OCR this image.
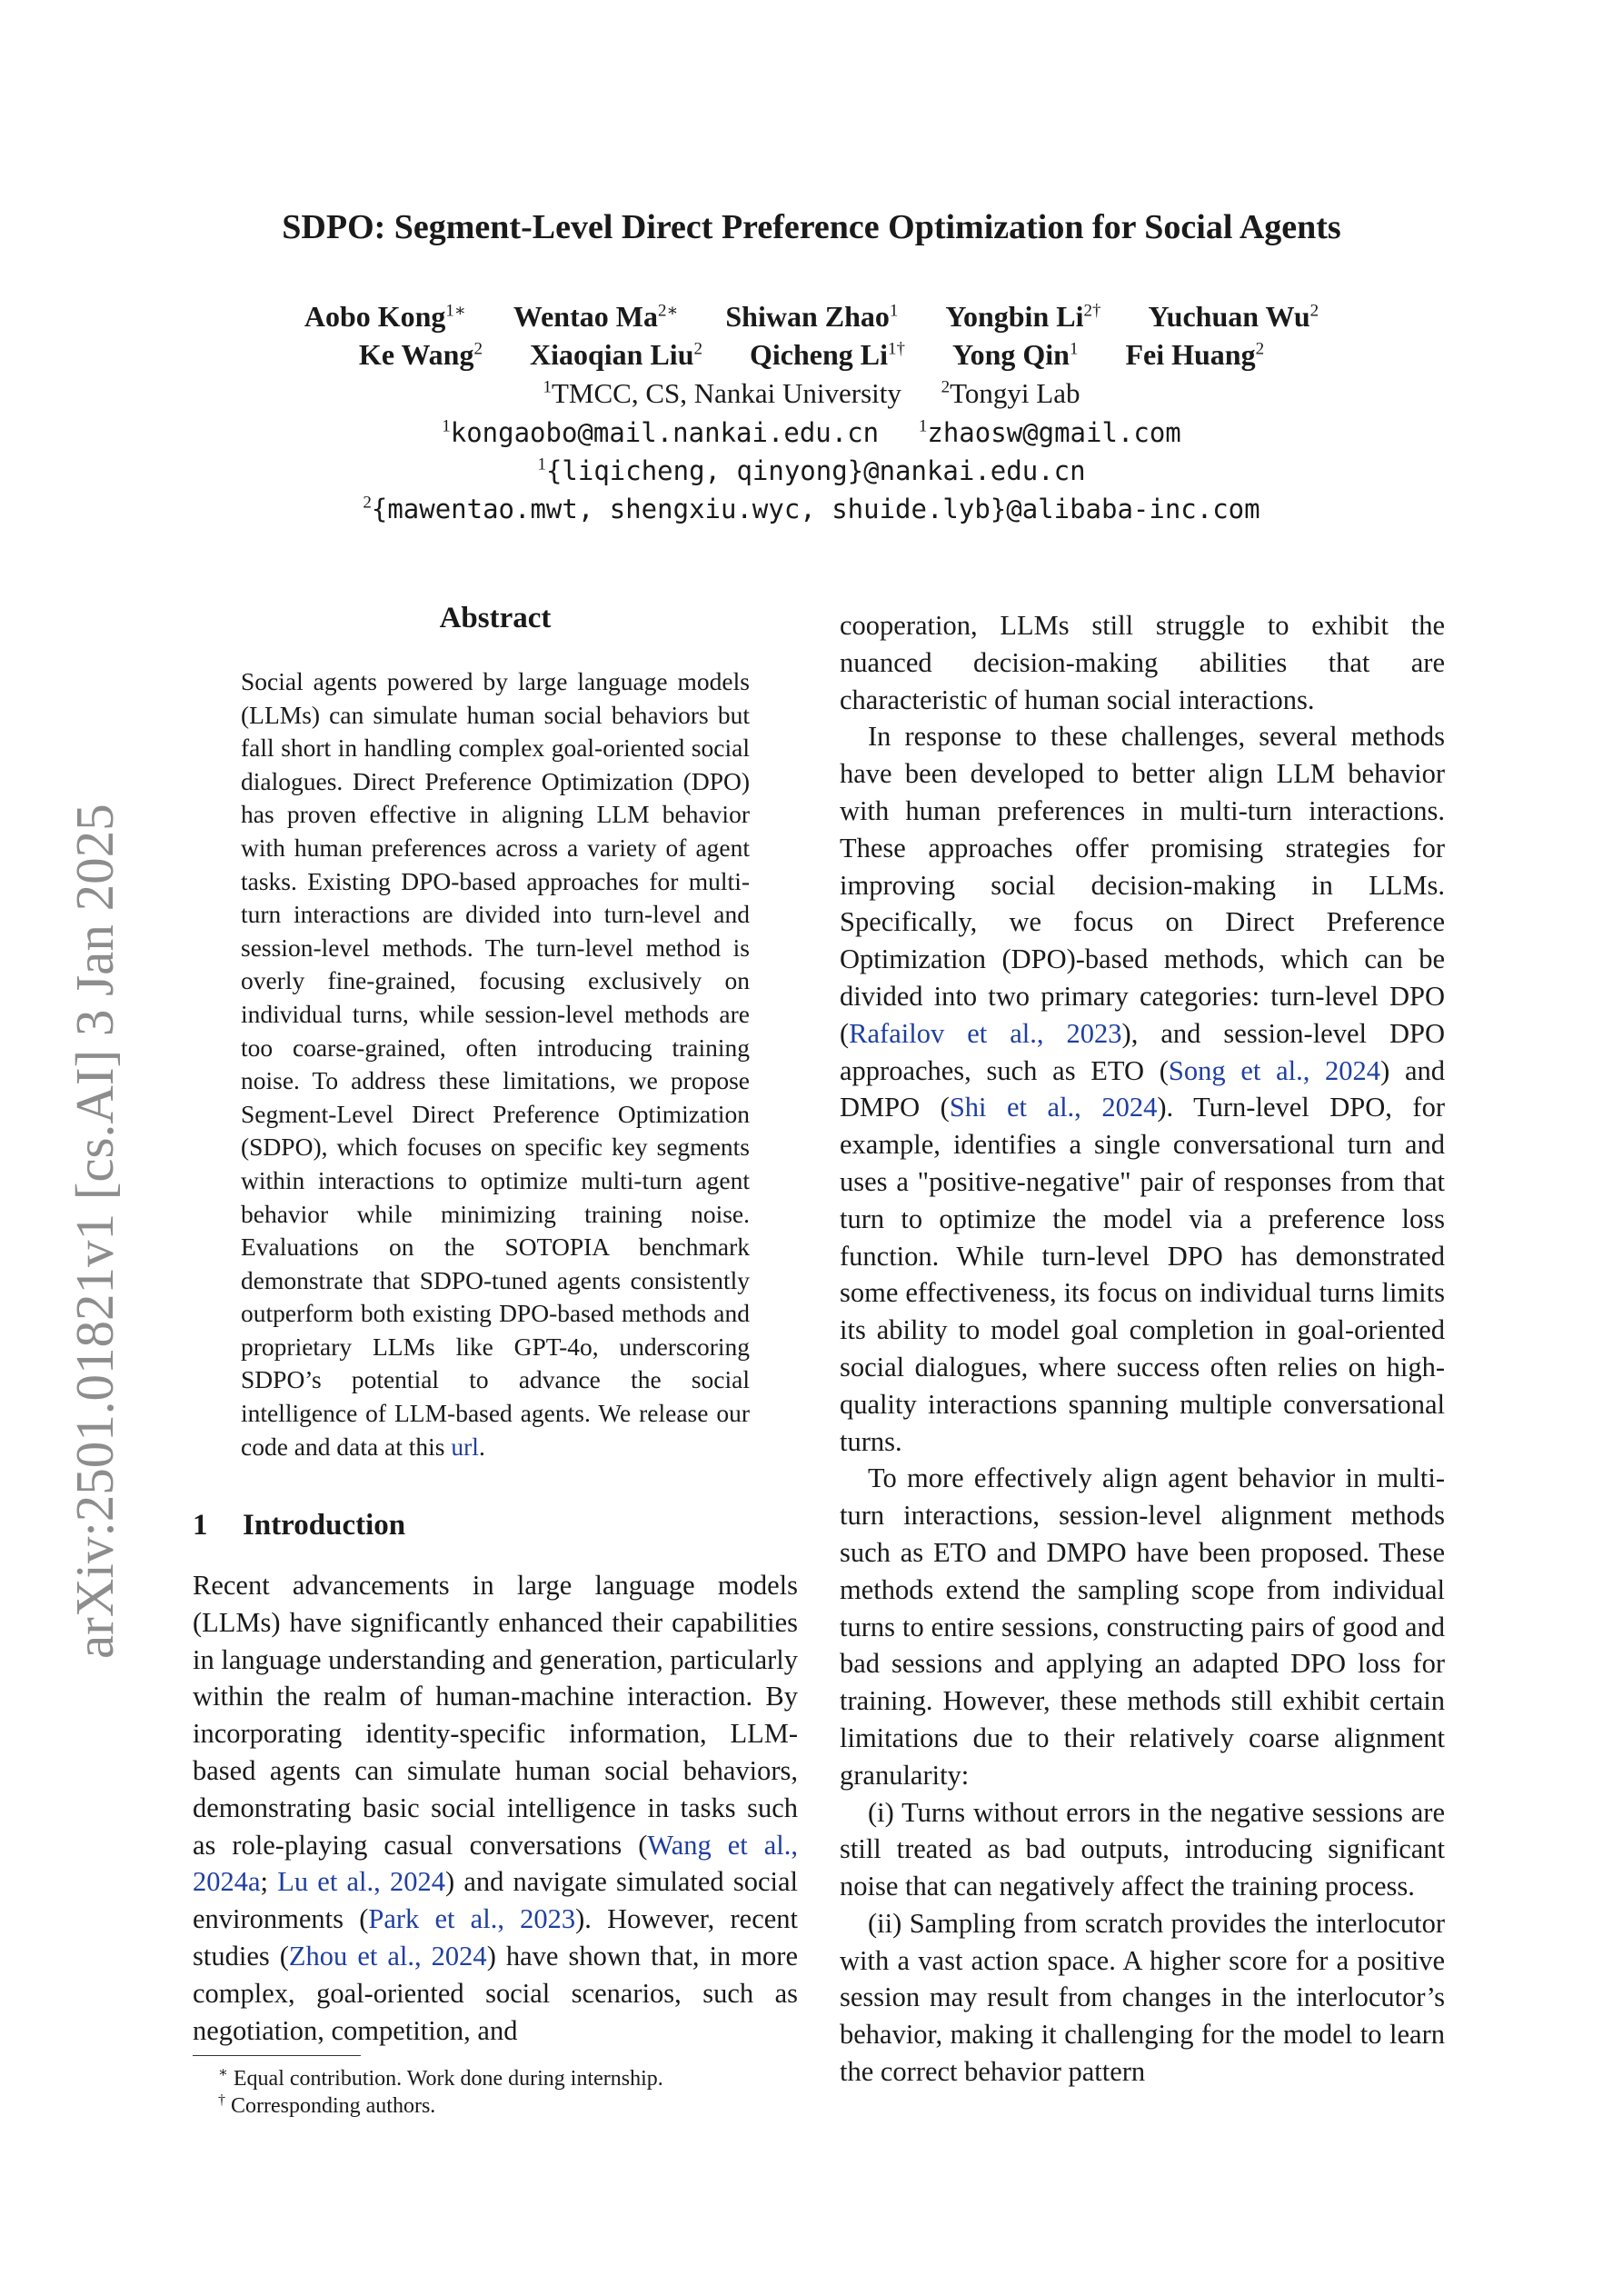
SDPO: Segment-Level Direct Preference Optimization for Social Agents
Aobo Kong$^{1∗}$ Wentao $Ma^{2∗}$ Shiwan Zhao$^1$ Yongbin $Li^{2\dagger}$ Yuchuan Wu$^2$
Ke Wang$^2$ Xiaoqian Liu$^2$ Qicheng $Li^{1\dagger}$ Yong Qin$^1$ Fei Huang$^2$
$^1$TMCC, CS, Nankai University $^2$Tongyi Lab
$^1$kongaobo@mail.nankai.edu.cn $^1$zhaosw@gmail.com
$^1${liqicheng, qinyong}@nankai.edu.cn
$^2${mawentao.mwt, shengxiu.wyc, shuide.lyb}@alibaba-inc.com
arXiv:2501.01821v1 [cs.AI] 3 Jan 2025
Abstract
Social agents powered by large language models (LLMs) can simulate human social behaviors but fall short in handling complex goal-oriented social dialogues. Direct Preference Optimization (DPO) has proven effective in aligning LLM behavior with human preferences across a variety of agent tasks. Existing DPO-based approaches for multi-turn interactions are divided into turn-level and session-level methods. The turn-level method is overly fine-grained, focusing exclusively on individual turns, while session-level methods are too coarse-grained, often introducing training noise. To address these limitations, we propose Segment-Level Direct Preference Optimization (SDPO), which focuses on specific key segments within interactions to optimize multi-turn agent behavior while minimizing training noise. Evaluations on the SOTOPIA benchmark demonstrate that SDPO-tuned agents consistently outperform both existing DPO-based methods and proprietary LLMs like GPT-4o, underscoring SDPO’s potential to advance the social intelligence of LLM-based agents. We release our code and data at this url.
1 Introduction
Recent advancements in large language models (LLMs) have significantly enhanced their capabilities in language understanding and generation, particularly within the realm of human-machine interaction. By incorporating identity-specific information, LLM-based agents can simulate human social behaviors, demonstrating basic social intelligence in tasks such as role-playing casual conversations (Wang et al., 2024a; Lu et al., 2024) and navigate simulated social environments (Park et al., 2023). However, recent studies (Zhou et al., 2024) have shown that, in more complex, goal-oriented social scenarios, such as negotiation, competition, and

cooperation, LLMs still struggle to exhibit the nuanced decision-making abilities that are characteristic of human social interactions.

In response to these challenges, several methods have been developed to better align LLM behavior with human preferences in multi-turn interactions. These approaches offer promising strategies for improving social decision-making in LLMs. Specifically, we focus on Direct Preference Optimization (DPO)-based methods, which can be divided into two primary categories: turn-level DPO (Rafailov et al., 2023), and session-level DPO approaches, such as ETO (Song et al., 2024) and DMPO (Shi et al., 2024). Turn-level DPO, for example, identifies a single conversational turn and uses a "positive-negative" pair of responses from that turn to optimize the model via a preference loss function. While turn-level DPO has demonstrated some effectiveness, its focus on individual turns limits its ability to model goal completion in goal-oriented social dialogues, where success often relies on high-quality interactions spanning multiple conversational turns.

To more effectively align agent behavior in multi-turn interactions, session-level alignment methods such as ETO and DMPO have been proposed. These methods extend the sampling scope from individual turns to entire sessions, constructing pairs of good and bad sessions and applying an adapted DPO loss for training. However, these methods still exhibit certain limitations due to their relatively coarse alignment granularity:

(i) Turns without errors in the negative sessions are still treated as bad outputs, introducing significant noise that can negatively affect the training process.

(ii) Sampling from scratch provides the interlocutor with a vast action space. A higher score for a positive session may result from changes in the interlocutor’s behavior, making it challenging for the model to learn the correct behavior pattern

∗ Equal contribution. Work done during internship.
† Corresponding authors.
